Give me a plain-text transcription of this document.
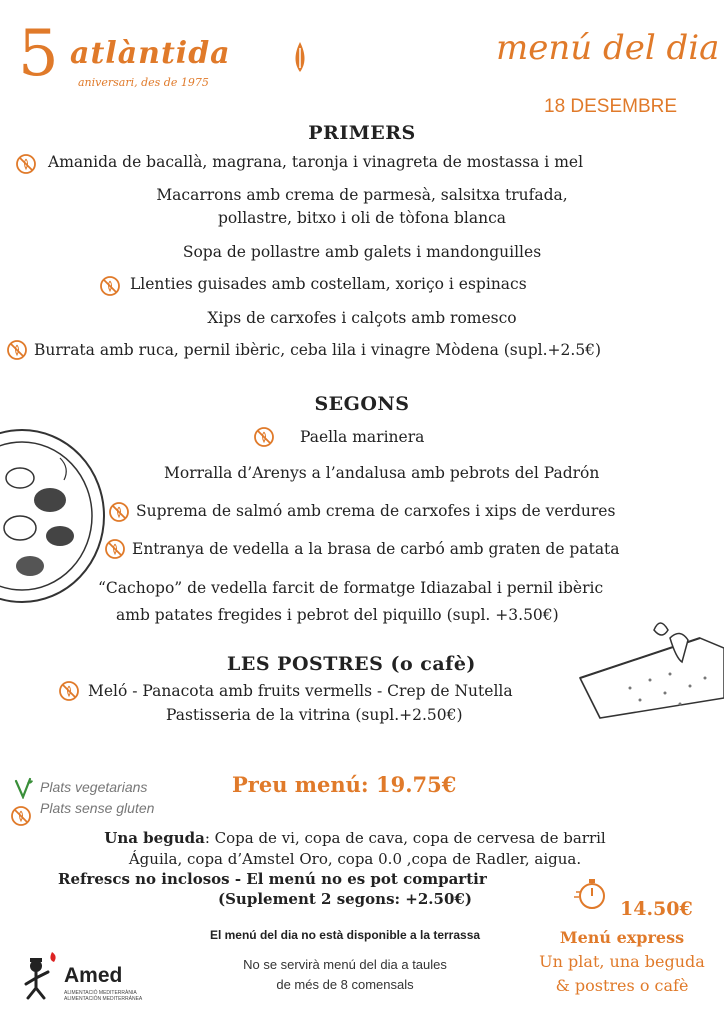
5 atlàntida
aniversari, des de 1975
menú del dia
18 DESEMBRE
PRIMERS
Amanida de bacallà, magrana, taronja i vinagreta de mostassa i mel
Macarrons amb crema de parmesà, salsitxa trufada,
pollastre, bitxo i oli de tòfona blanca
Sopa de pollastre amb galets i mandonguilles
Llenties guisades amb costellam, xoriço i espinacs
Xips de carxofes i calçots amb romesco
Burrata amb ruca, pernil ibèric, ceba lila i vinagre Mòdena (supl.+2.5€)
SEGONS
Paella marinera
Morralla d’Arenys a l’andalusa amb pebrots del Padrón
Suprema de salmó amb crema de carxofes i xips de verdures
Entranya de vedella a la brasa de carbó amb graten de patata
“Cachopo” de vedella farcit de formatge Idiazabal i pernil ibèric
amb patates fregides i pebrot del piquillo (supl. +3.50€)
LES POSTRES (o cafè)
Meló - Panacota amb fruits vermells - Crep de Nutella
Pastisseria de la vitrina (supl.+2.50€)
Plats vegetarians
Plats sense gluten
Preu menú: 19.75€
Una beguda: Copa de vi, copa de cava, copa de cervesa de barril
Águila, copa d’Amstel Oro, copa 0.0 ,copa de Radler, aigua.
Refrescs no inclosos - El menú no es pot compartir
(Suplement 2 segons: +2.50€)
El menú del dia no està disponible a la terrassa
No se servirà menú del dia a taules
de més de 8 comensals
14.50€
Menú express
Un plat, una beguda
& postres o cafè
Amed
ALIMENTACIÓ MEDITERRÀNIA
ALIMENTACIÓN MEDITERRÁNEA
